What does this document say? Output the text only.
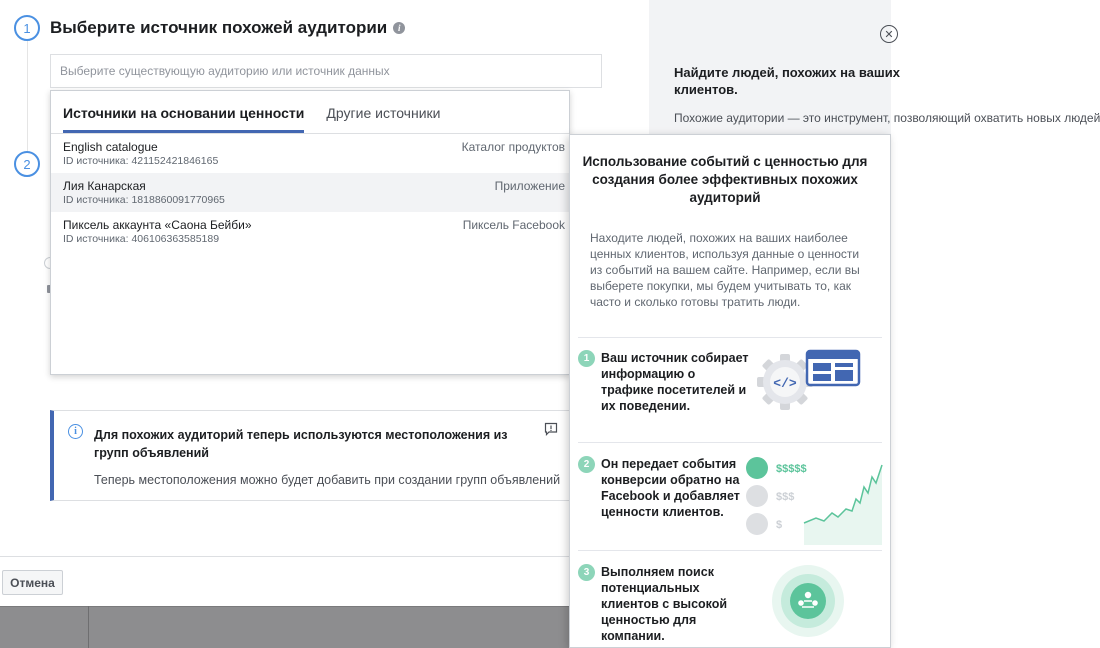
✕
Найдите людей, похожих на ваших клиентов.
Похожие аудитории — это инструмент, позволяющий охватить новых людей
1
2
Выберите источник похожей аудитории	i
Выберите существующую аудиторию или источник данных
Источники на основании ценности Другие источники
English catalogue
ID источника: 421152421846165
Каталог продуктов
Лия Канарская
ID источника: 1818860091770965
Приложение
Пиксель аккаунта «Саона Бейби»
ID источника: 406106363585189
Пиксель Facebook
i	Для похожих аудиторий теперь используются местоположения из групп объявлений
Теперь местоположения можно будет добавить при создании групп объявлений
Отмена
Использование событий с ценностью для создания более эффективных похожих аудиторий
Находите людей, похожих на ваших наиболее ценных клиентов, используя данные о ценности из событий на вашем сайте. Например, если вы выберете покупки, мы будем учитывать то, как часто и сколько готовы тратить люди.
1 Ваш источник собирает информацию о трафике посетителей и их поведении.
</>
2 Он передает события конверсии обратно на Facebook и добавляет ценности клиентов.
$$$$$
$$$
$
3 Выполняем поиск потенциальных клиентов с высокой ценностью для компании.
